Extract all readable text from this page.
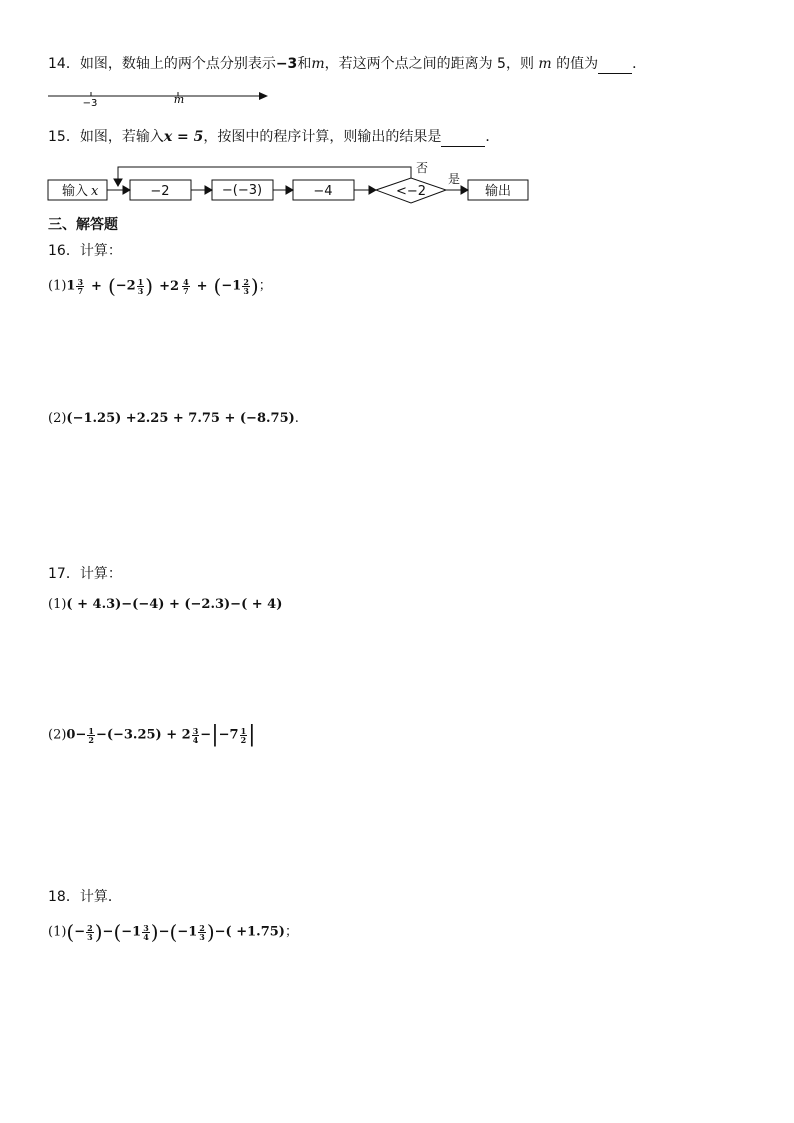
14．如图，数轴上的两个点分别表示−3和m，若这两个点之间的距离为 5，则 m 的值为 ．
−3	m
输入 x	−2	−(−3)	−4	<−2
否
是
输出
15．如图，若输入x = 5，按图中的程序计算，则输出的结果是	．
三、解答题
16．计算：
$(1)1 \frac{3}{7} + (-2 \frac{1}{3}$ ) $+2 \frac{4}{7} + (-1 \frac{2}{3}$ )；
(2)(−1.25) +2.25 + 7.75 + (−8.75).
17．计算：
(1)( + 4.3)−(−4) + (−2.3)−( + 4)
$(2)0- \frac{1}{2} -(-3.25) + 2 \frac{3}{4} -|-7 \frac{1}{2}$ |
18．计算．
$(1)(- \frac{2}{3} )-(-1 \frac{3}{4} )-(-1 \frac{2}{3}$ )−( +1.75)；
